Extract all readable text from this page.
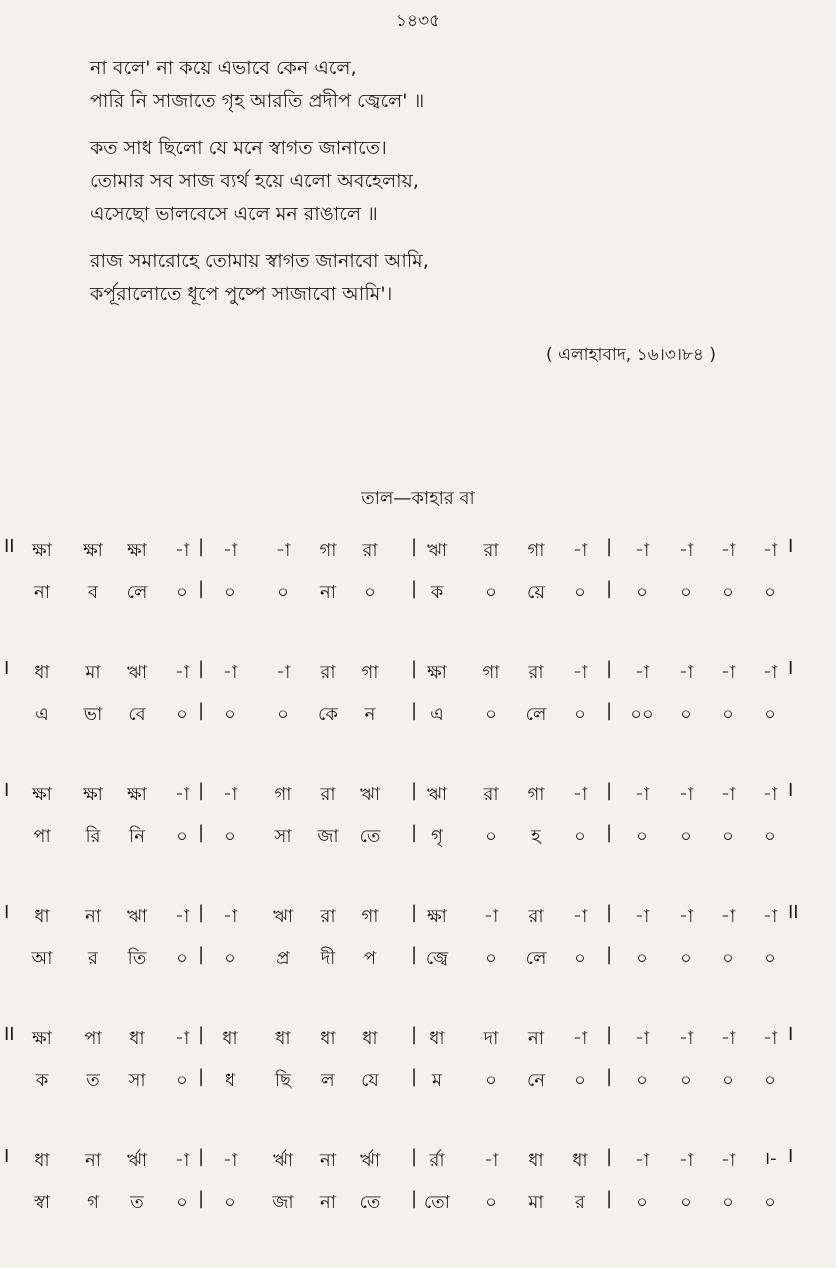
১৪৩৫
না বলে' না কয়ে এভাবে কেন এলে,
পারি নি সাজাতে গৃহ আরতি প্রদীপ জ্বেলে' ॥
কত সাধ ছিলো যে মনে স্বাগত জানাতে।
তোমার সব সাজ ব্যর্থ হয়ে এলো অবহেলায়,
এসেছো ভালবেসে এলে মন রাঙালে ॥
রাজ সমারোহে তোমায় স্বাগত জানাবো আমি,
কর্পূরালোতে ধূপে পুষ্পে সাজাবো আমি'।
( এলাহাবাদ, ১৬।৩।৮৪ )
তাল—কাহার বা
II	I
ক্ষা	ক্ষা	ক্ষা	-া |	-া	-া	গা	রা	| ঋা	রা	গা	-া	|	-া	-া	-া	-া
না	ব	লে	০ |	০	০	না	০	| ক	০	য়ে	০	|	০	০	০	০
I	I
ধা	মা	ঋা	-া |	-া	-া	রা	গা	| ক্ষা	গা	রা	-া	|	-া	-া	-া	-া
এ	ভা	বে	০ |	০	০	কে	ন	| এ	০	লে	০	|	০০	০	০	০
I	I
ক্ষা	ক্ষা	ক্ষা	-া |	-া	গা	রা	ঋা	| ঋা	রা	গা	-া	|	-া	-া	-া	-া
পা	রি	নি	০ |	০	সা	জা	তে	| গৃ	০	হ	০	|	০	০	০	০
I	II
ধা	না	ঋা	-া |	-া	ঋা	রা	গা	| ক্ষা	-া	রা	-া	|	-া	-া	-া	-া
আ	র	তি	০ |	০	প্র	দী	প	| জ্বে	০	লে	০	|	০	০	০	০
II	I
ক্ষা	পা	ধা	-া |	ধা	ধা	ধা	ধা	| ধা	দা	না	-া	|	-া	-া	-া	-া
ক	ত	সা	০ |	ধ	ছি	ল	যে	| ম	০	নে	০	|	০	০	০	০
I	I
ধা	না	র্ঋা	-া |	-া	র্ঋা	না	র্ঋা	| র্রা	-া	ধা	ধা	|	-া	-া	-া	।-
স্বা	গ	ত	০ |	০	জা	না	তে	| তো	০	মা	র	|	০	০	০	০
